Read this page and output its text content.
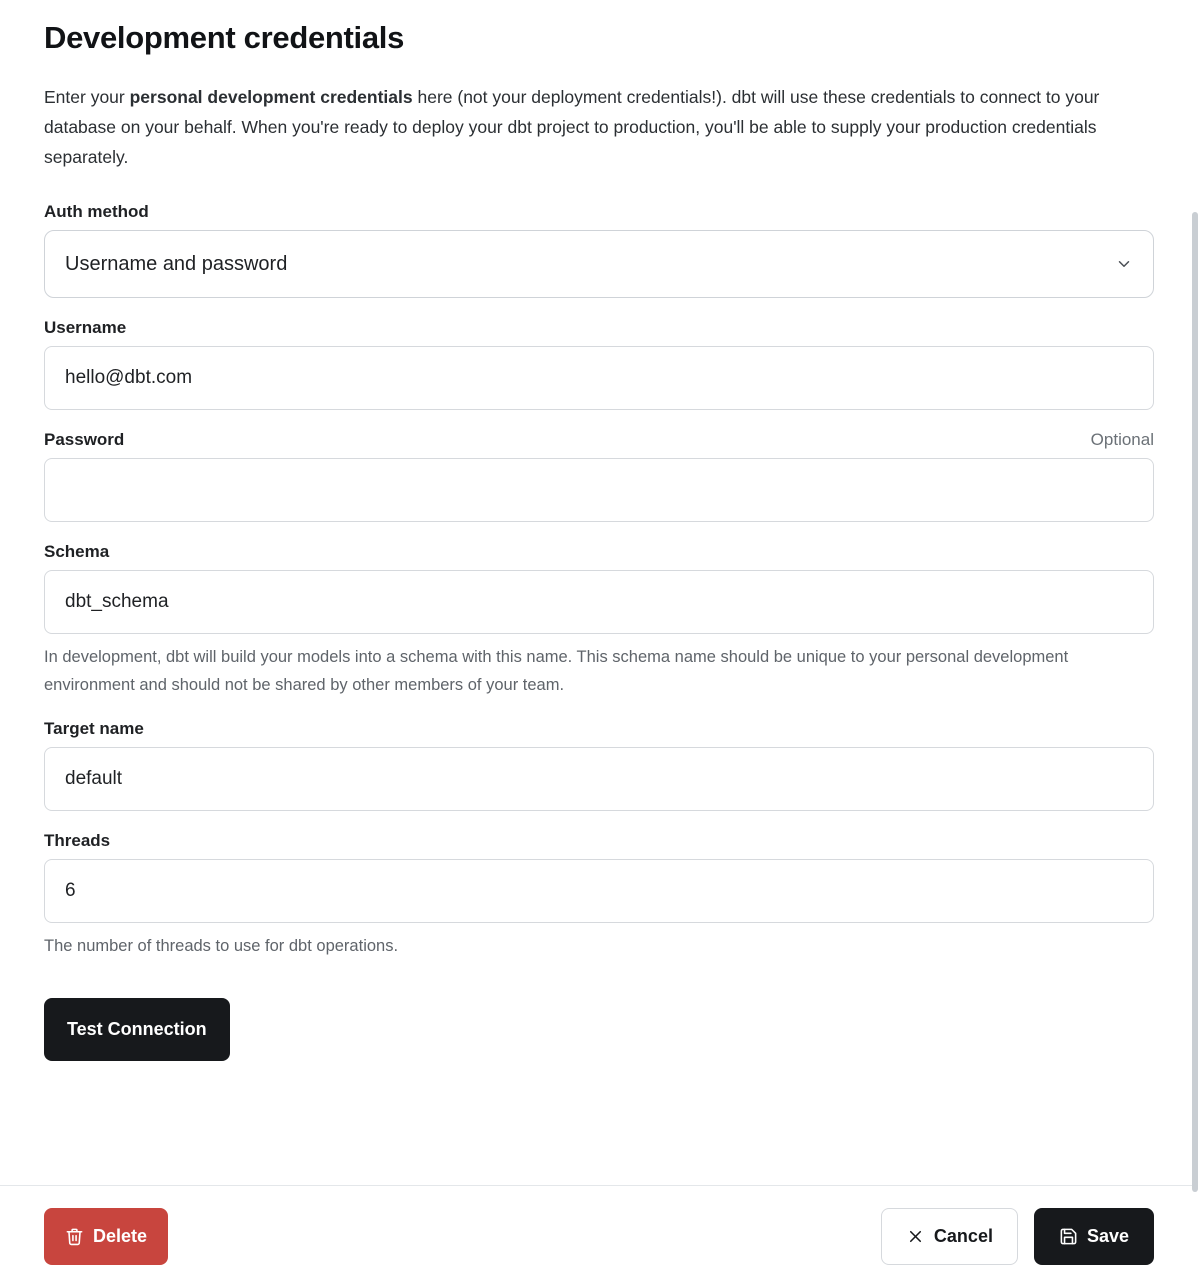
Development credentials

Enter your personal development credentials here (not your deployment credentials!). dbt will use these credentials to connect to your database on your behalf. When you're ready to deploy your dbt project to production, you'll be able to supply your production credentials separately.

Auth method
Username and password
Username
hello@dbt.com
Password	Optional
Schema
dbt_schema
In development, dbt will build your models into a schema with this name. This schema name should be unique to your personal development environment and should not be shared by other members of your team.
Target name
default
Threads
6
The number of threads to use for dbt operations.
Test Connection
Delete	Cancel	Save
